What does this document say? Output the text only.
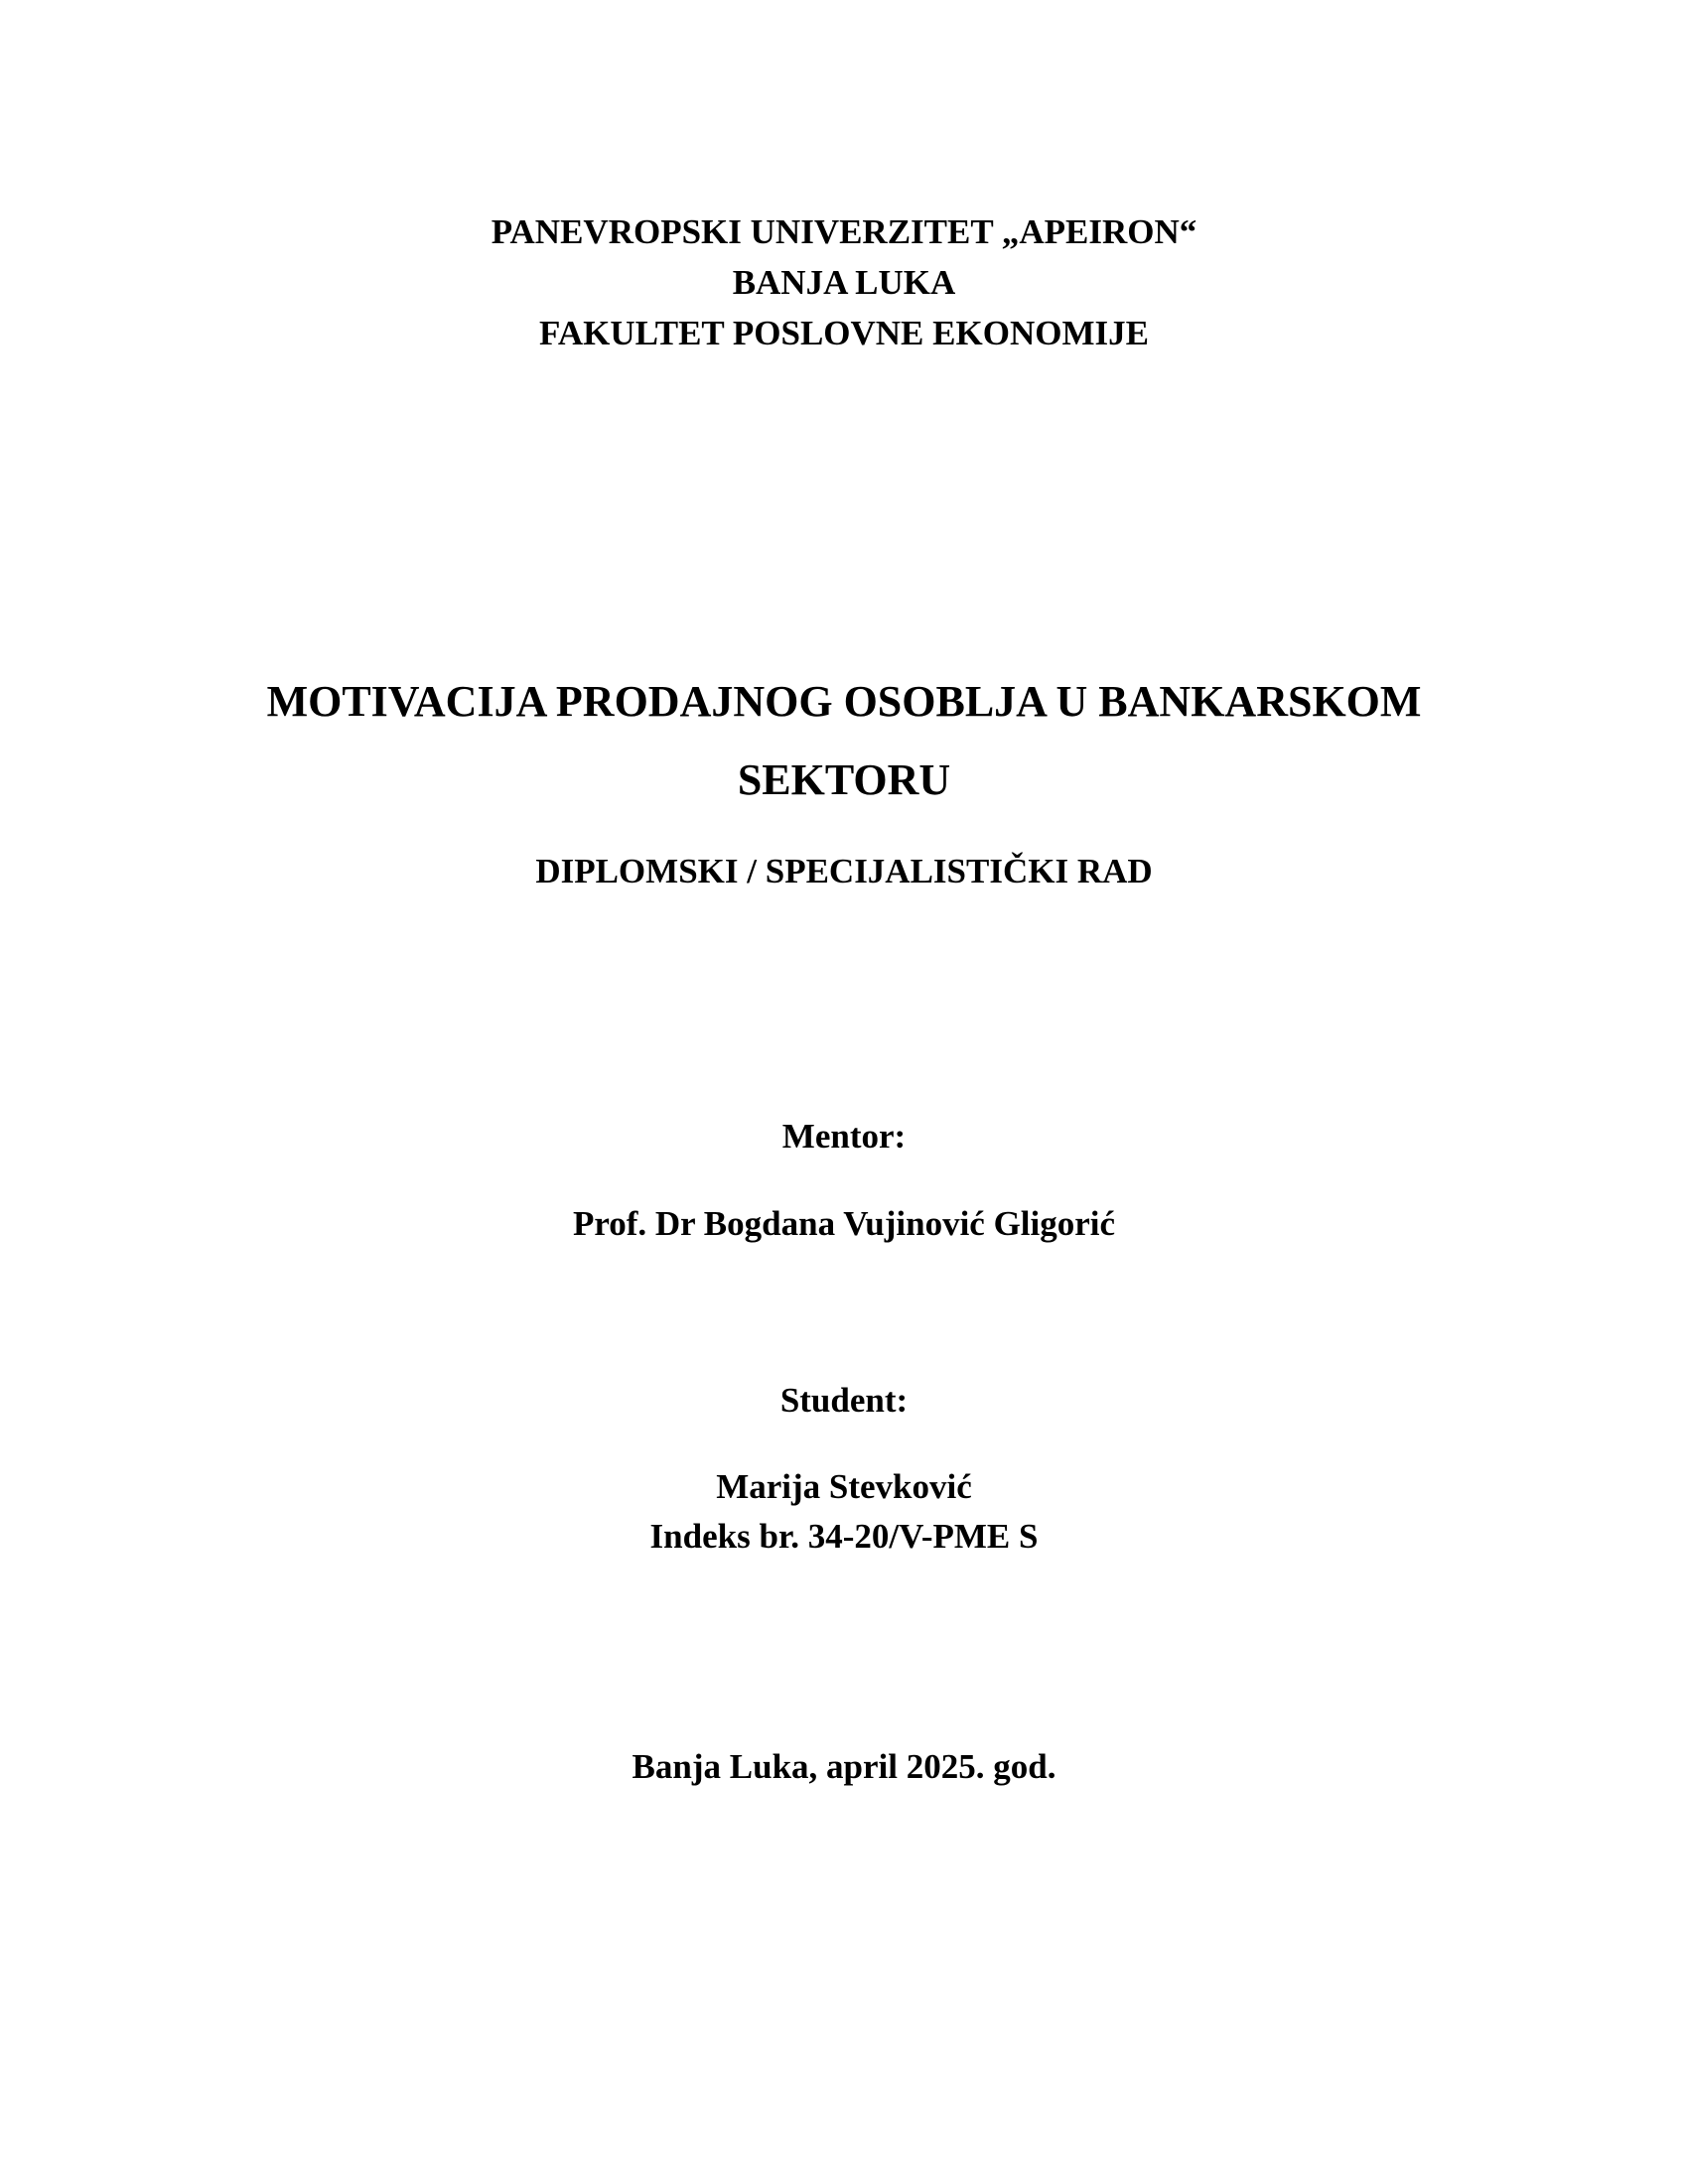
PANEVROPSKI UNIVERZITET „APEIRON“
BANJA LUKA
FAKULTET POSLOVNE EKONOMIJE
MOTIVACIJA PRODAJNOG OSOBLJA U BANKARSKOM
SEKTORU
DIPLOMSKI / SPECIJALISTIČKI RAD
Mentor:
Prof. Dr Bogdana Vujinović Gligorić
Student:
Marija Stevković
Indeks br. 34-20/V-PME S
Banja Luka, april 2025. god.
